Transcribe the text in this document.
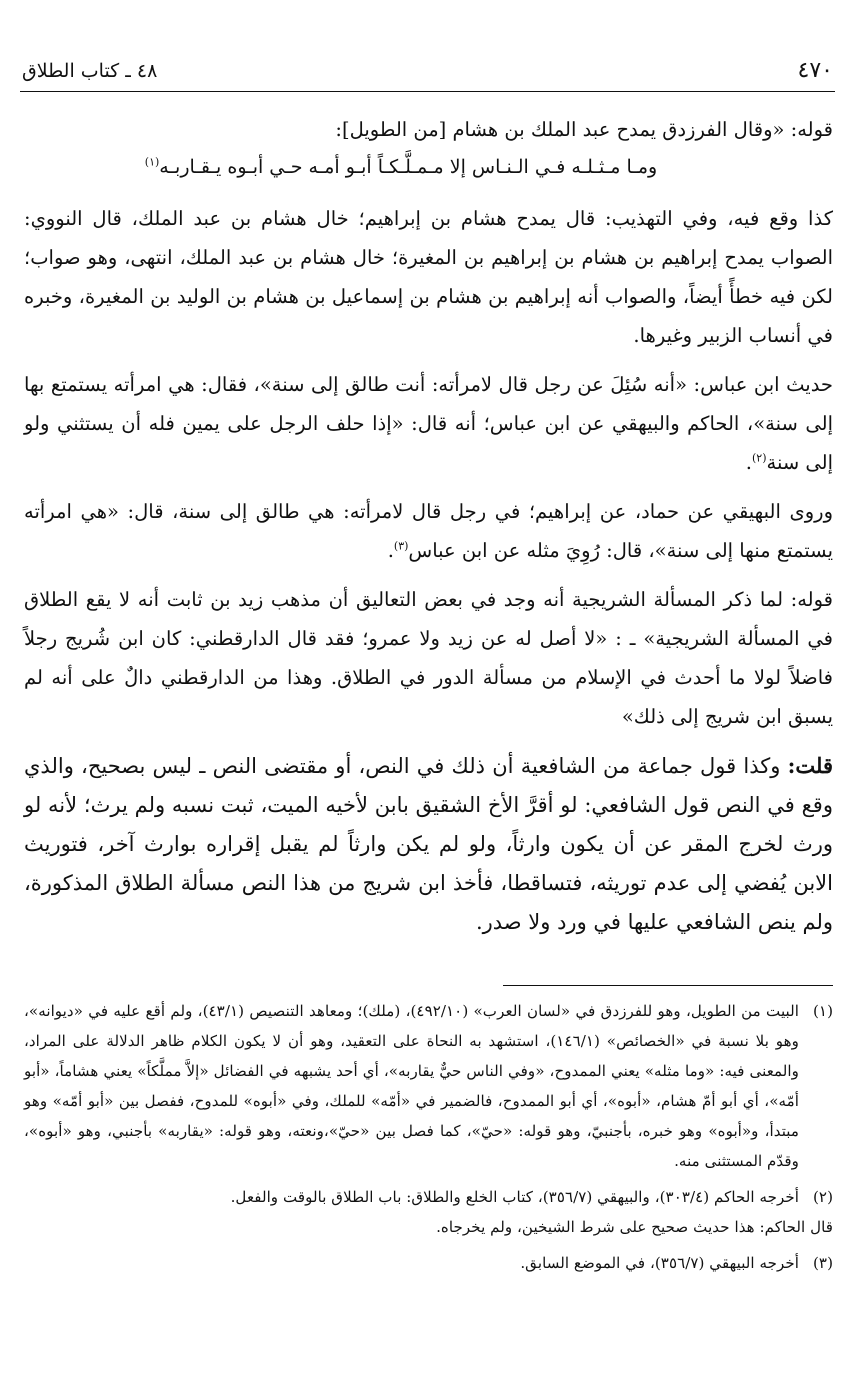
٤٧٠
٤٨ ـ كتاب الطلاق

قوله: «وقال الفرزدق يمدح عبد الملك بن هشام [من الطويل]:

ومـا مـثـلـه فـي الـنـاس إلا مـمـلَّـكـاً أبـو أمـه حـي أبـوه يـقـاربـه$^{(١)}$

كذا وقع فيه، وفي التهذيب: قال يمدح هشام بن إبراهيم؛ خال هشام بن عبد الملك، قال النووي: الصواب يمدح إبراهيم بن هشام بن إبراهيم بن المغيرة؛ خال هشام بن عبد الملك، انتهى، وهو صواب؛ لكن فيه خطأً أيضاً، والصواب أنه إبراهيم بن هشام بن إسماعيل بن هشام بن الوليد بن المغيرة، وخبره في أنساب الزبير وغيرها.

حديث ابن عباس: «أنه سُئِلَ عن رجل قال لامرأته: أنت طالق إلى سنة»، فقال: هي امرأته يستمتع بها إلى سنة»، الحاكم والبيهقي عن ابن عباس؛ أنه قال: «إذا حلف الرجل على يمين فله أن يستثني ولو إلى سنة$^{(٢)}$.

وروى البهيقي عن حماد، عن إبراهيم؛ في رجل قال لامرأته: هي طالق إلى سنة، قال: «هي امرأته يستمتع منها إلى سنة»، قال: رُوِيَ مثله عن ابن عباس$^{(٣)}$.

قوله: لما ذكر المسألة الشريجية أنه وجد في بعض التعاليق أن مذهب زيد بن ثابت أنه لا يقع الطلاق في المسألة الشريجية» ـ : «لا أصل له عن زيد ولا عمرو؛ فقد قال الدارقطني: كان ابن شُريج رجلاً فاضلاً لولا ما أحدث في الإسلام من مسألة الدور في الطلاق. وهذا من الدارقطني دالٌ على أنه لم يسبق ابن شريج إلى ذلك»

قلت: وكذا قول جماعة من الشافعية أن ذلك في النص، أو مقتضى النص ـ ليس بصحيح، والذي وقع في النص قول الشافعي: لو أقرَّ الأخ الشقيق بابن لأخيه الميت، ثبت نسبه ولم يرث؛ لأنه لو ورث لخرج المقر عن أن يكون وارثاً، ولو لم يكن وارثاً لم يقبل إقراره بوارث آخر، فتوريث الابن يُفضي إلى عدم توريثه، فتساقطا، فأخذ ابن شريج من هذا النص مسألة الطلاق المذكورة، ولم ينص الشافعي عليها في ورد ولا صدر.

(١)البيت من الطويل، وهو للفرزدق في «لسان العرب» (٤٩٢/١٠)، (ملك)؛ ومعاهد التنصيص (٤٣/١)، ولم أقع عليه في «ديوانه»، وهو بلا نسبة في «الخصائص» (١٤٦/١)، استشهد به النحاة على التعقيد، وهو أن لا يكون الكلام ظاهر الدلالة على المراد، والمعنى فيه: «وما مثله» يعني الممدوح، «وفي الناس حيٌّ يقاربه»، أي أحد يشبهه في الفضائل «إلاَّ مملَّكاً» يعني هشاماً، «أبو أمّه»، أي أبو أمّ هشام، «أبوه»، أي أبو الممدوح، فالضمير في «أمّه» للملك، وفي «أبوه» للمدوح، ففصل بين «أبو أمّه» وهو مبتدأ، و«أبوه» وهو خبره، بأجنبيّ، وهو قوله: «حيّ»، كما فصل بين «حيّ»،ونعته، وهو قوله: «يقاربه» بأجنبي، وهو «أبوه»، وقدّم المستثنى منه.

(٢)أخرجه الحاكم (٣٠٣/٤)، والبيهقي (٣٥٦/٧)، كتاب الخلع والطلاق: باب الطلاق بالوقت والفعل.
قال الحاكم: هذا حديث صحيح على شرط الشيخين، ولم يخرجاه.

(٣)أخرجه البيهقي (٣٥٦/٧)، في الموضع السابق.
